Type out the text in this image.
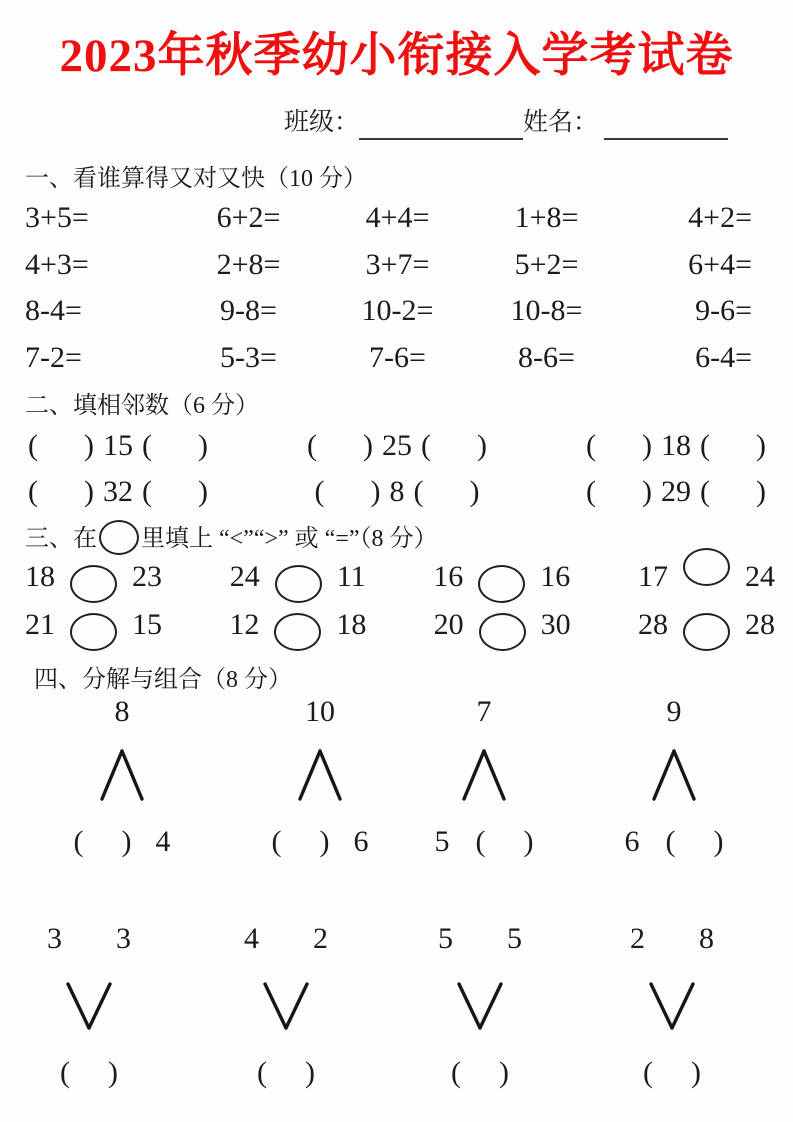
2023年秋季幼小衔接入学考试卷
班级：	姓名：
一、看谁算得又对又快（10 分）
3+5=	6+2=	4+4=	1+8=	4+2=
4+3=	2+8=	3+7=	5+2=	6+4=
8-4=	9-8=	10-2=	10-8=	9-6=
7-2=	5-3=	7-6=	8-6=	6-4=
二、填相邻数（6 分）
( ) 15 ( )	( ) 25 ( )	( ) 18 ( )
( ) 32 ( )	( ) 8 ( )	( ) 29 ( )
三、在 里填上 “<”“>” 或 “=”（8 分）
18	23 24	11 16	16 17	24
21	15 12	18 20	30 28	28
四、分解与组合（8 分）
8
( ) 4
10
( ) 6
7
5 ( )
9
6 ( )
3 3
( )
4 2
( )
5 5
( )
2 8
( )
